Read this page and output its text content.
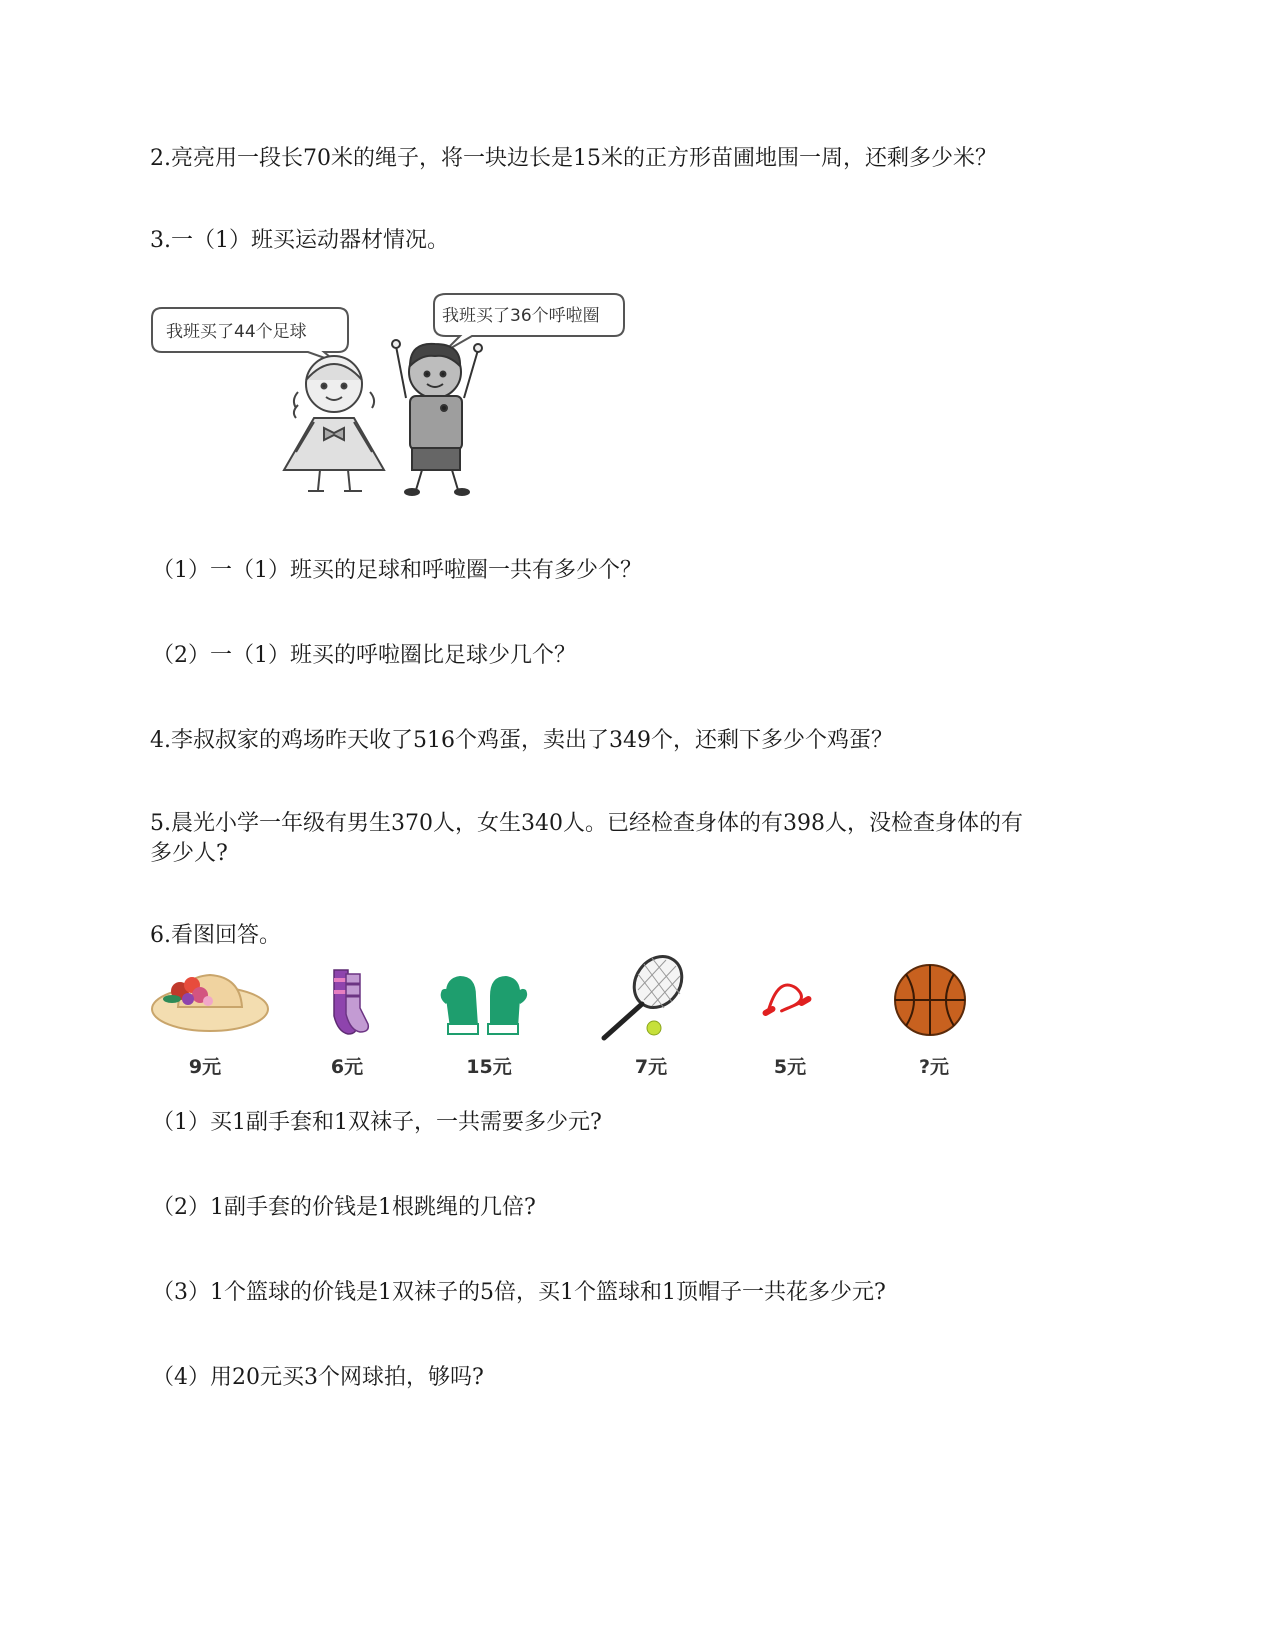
2.亮亮用一段长70米的绳子，将一块边长是15米的正方形苗圃地围一周，还剩多少米？
3.一（1）班买运动器材情况。
我班买了44个足球
我班买了36个呼啦圈
（1）一（1）班买的足球和呼啦圈一共有多少个？
（2）一（1）班买的呼啦圈比足球少几个？
4.李叔叔家的鸡场昨天收了516个鸡蛋，卖出了349个，还剩下多少个鸡蛋？
5.晨光小学一年级有男生370人，女生340人。已经检查身体的有398人，没检查身体的有
多少人?
6.看图回答。
9元	6元	15元	7元	5元	?元
（1）买1副手套和1双袜子，一共需要多少元?
（2）1副手套的价钱是1根跳绳的几倍?
（3）1个篮球的价钱是1双袜子的5倍，买1个篮球和1顶帽子一共花多少元?
（4）用20元买3个网球拍，够吗?
